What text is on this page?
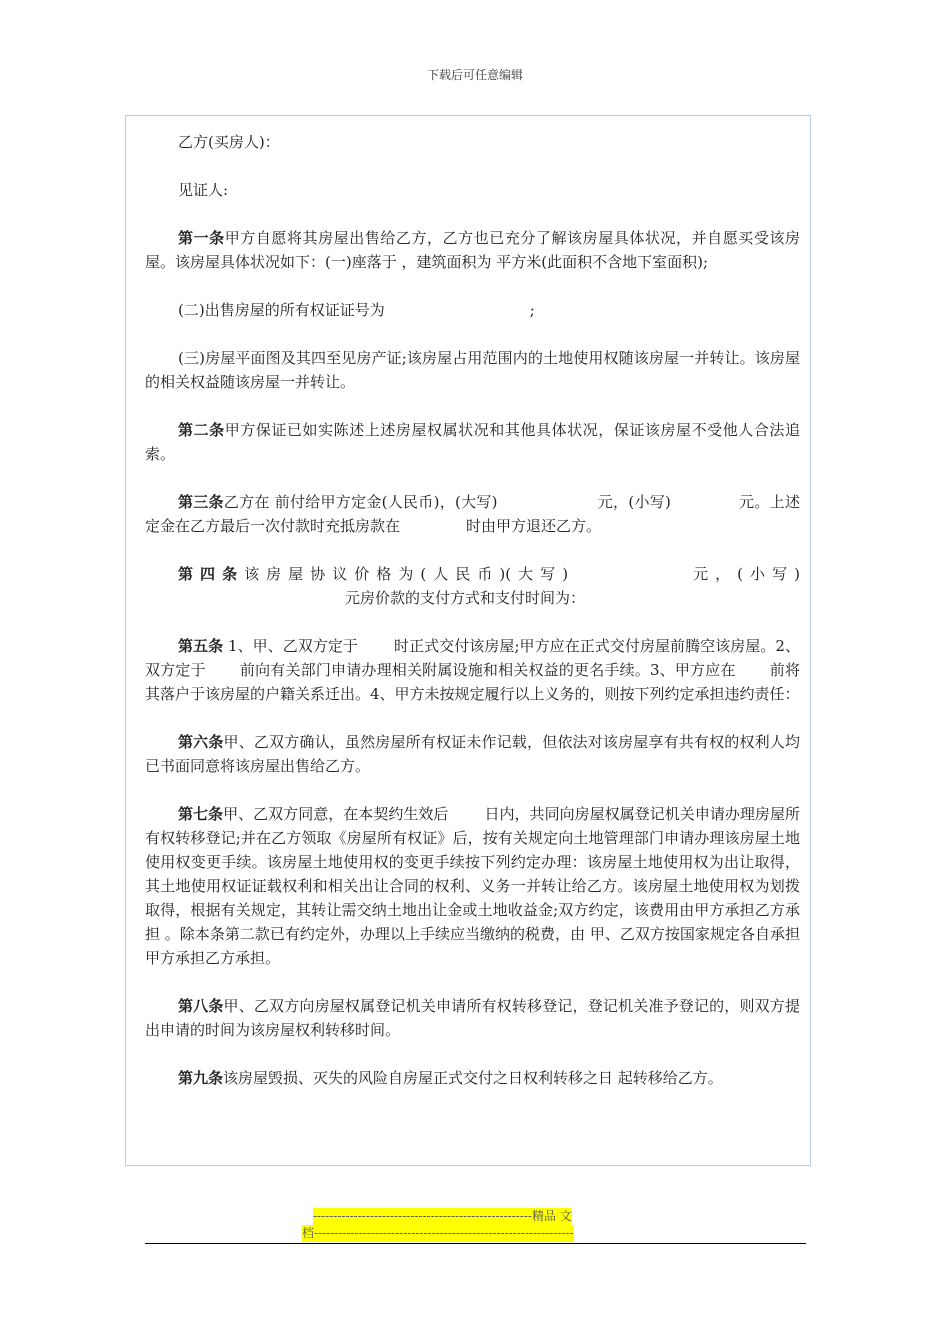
下载后可任意编辑

乙方(买房人)：

见证人:

第一条甲方自愿将其房屋出售给乙方，乙方也已充分了解该房屋具体状况，并自愿买受该房屋。该房屋具体状况如下：(一)座落于 ，建筑面积为 平方米(此面积不含地下室面积);

(二)出售房屋的所有权证证号为	;

(三)房屋平面图及其四至见房产证;该房屋占用范围内的土地使用权随该房屋一并转让。该房屋的相关权益随该房屋一并转让。

第二条甲方保证已如实陈述上述房屋权属状况和其他具体状况，保证该房屋不受他人合法追索。

第三条乙方在 前付给甲方定金(人民币)，(大写)	元，(小写)	元。上述定金在乙方最后一次付款时充抵房款在	时由甲方退还乙方。

第四条该房屋协议价格为(人民币)(大写)	元，(小写)元房价款的支付方式和支付时间为：

第五条 1、甲、乙双方定于 时正式交付该房屋;甲方应在正式交付房屋前腾空该房屋。2、双方定于 前向有关部门申请办理相关附属设施和相关权益的更名手续。3、甲方应在 前将其落户于该房屋的户籍关系迁出。4、甲方未按规定履行以上义务的，则按下列约定承担违约责任：

第六条甲、乙双方确认，虽然房屋所有权证未作记载，但依法对该房屋享有共有权的权利人均已书面同意将该房屋出售给乙方。

第七条甲、乙双方同意，在本契约生效后 日内，共同向房屋权属登记机关申请办理房屋所有权转移登记;并在乙方领取《房屋所有权证》后，按有关规定向土地管理部门申请办理该房屋土地使用权变更手续。该房屋土地使用权的变更手续按下列约定办理：该房屋土地使用权为出让取得，其土地使用权证证载权利和相关出让合同的权利、义务一并转让给乙方。该房屋土地使用权为划拨取得，根据有关规定，其转让需交纳土地出让金或土地收益金;双方约定，该费用由甲方承担乙方承担 。除本条第二款已有约定外，办理以上手续应当缴纳的税费，由 甲、乙双方按国家规定各自承担甲方承担乙方承担。

第八条甲、乙双方向房屋权属登记机关申请所有权转移登记，登记机关准予登记的，则双方提出申请的时间为该房屋权利转移时间。

第九条该房屋毁损、灭失的风险自房屋正式交付之日权利转移之日 起转移给乙方。

------------------------------------------------------精品 文
档----------------------------------------------------------------
